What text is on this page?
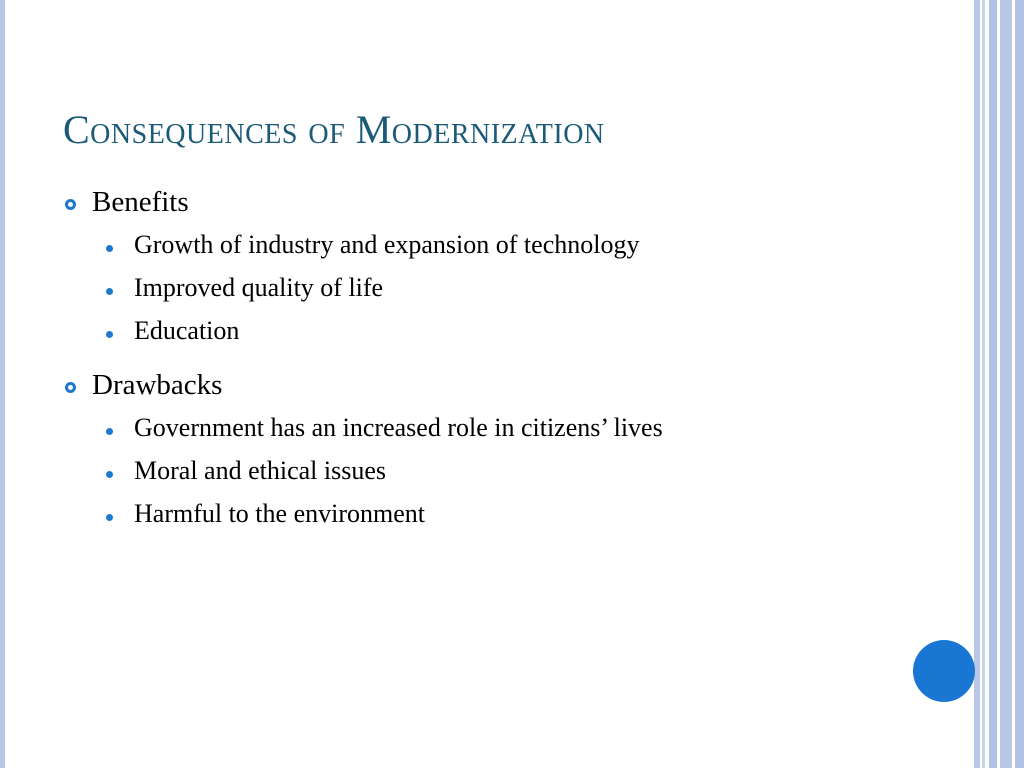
Consequences of Modernization
Benefits
Growth of industry and expansion of technology
Improved quality of life
Education
Drawbacks
Government has an increased role in citizens’ lives
Moral and ethical issues
Harmful to the environment
